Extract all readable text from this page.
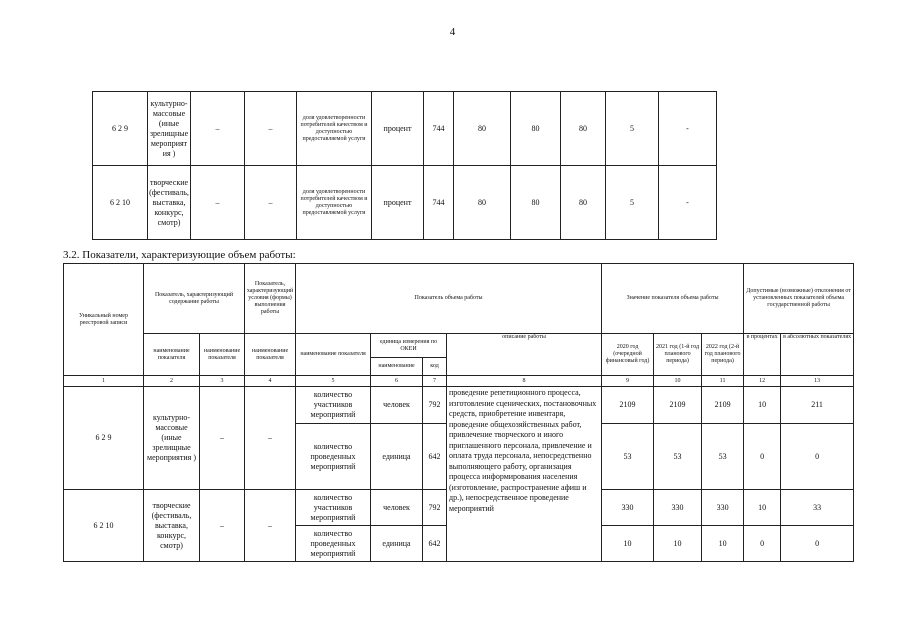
4
6 2 9	культурно-массовые (иные зрелищные мероприятия )	–	–	доля удовлетворенности потребителей качеством и доступностью предоставляемой услуги	процент	744	80	80	80	5	-
6 2 10	творческие (фестиваль, выставка, конкурс, смотр)	–	–	доля удовлетворенности потребителей качеством и доступностью предоставляемой услуги	процент	744	80	80	80	5	-
3.2. Показатели, характеризующие объем работы:
Уникальный номер реестровой записи	Показатель, характеризующий содержание работы		Показатель, характеризующий условия (формы) выполнения работы	Показатель объема работы				Значение показателя объема работы			Допустимые (возможные) отклонения от установленных показателей объема государственной работы	
	наименование показателя	наименование показателя	наименование показателя	наименование показателя	единица измерения по ОКЕИ		описание работы	2020 год (очередной финансовый год)	2021 год (1-й год планового периода)	2022 год (2-й год планового периода)	в процентах	в абсолютных показателях
					наименование	код						
1	2	3	4	5	6	7	8	9	10	11	12	13
6 2 9	культурно-массовые (иные зрелищные мероприятия )	–	–	количество участников мероприятий	человек	792	проведение репетиционного процесса, изготовление сценических, постановочных средств, приобретение инвентаря, проведение общехозяйственных работ, привлечение творческого и иного приглашенного персонала, привлечение и оплата труда персонала, непосредственно выполняющего работу, организация процесса информирования населения (изготовление, распространение афиш и др.), непосредственное проведение мероприятий	2109	2109	2109	10	211
				количество проведенных мероприятий	единица	642		53	53	53	0	0
6 2 10	творческие (фестиваль, выставка, конкурс, смотр)	–	–	количество участников мероприятий	человек	792		330	330	330	10	33
				количество проведенных мероприятий	единица	642		10	10	10	0	0
